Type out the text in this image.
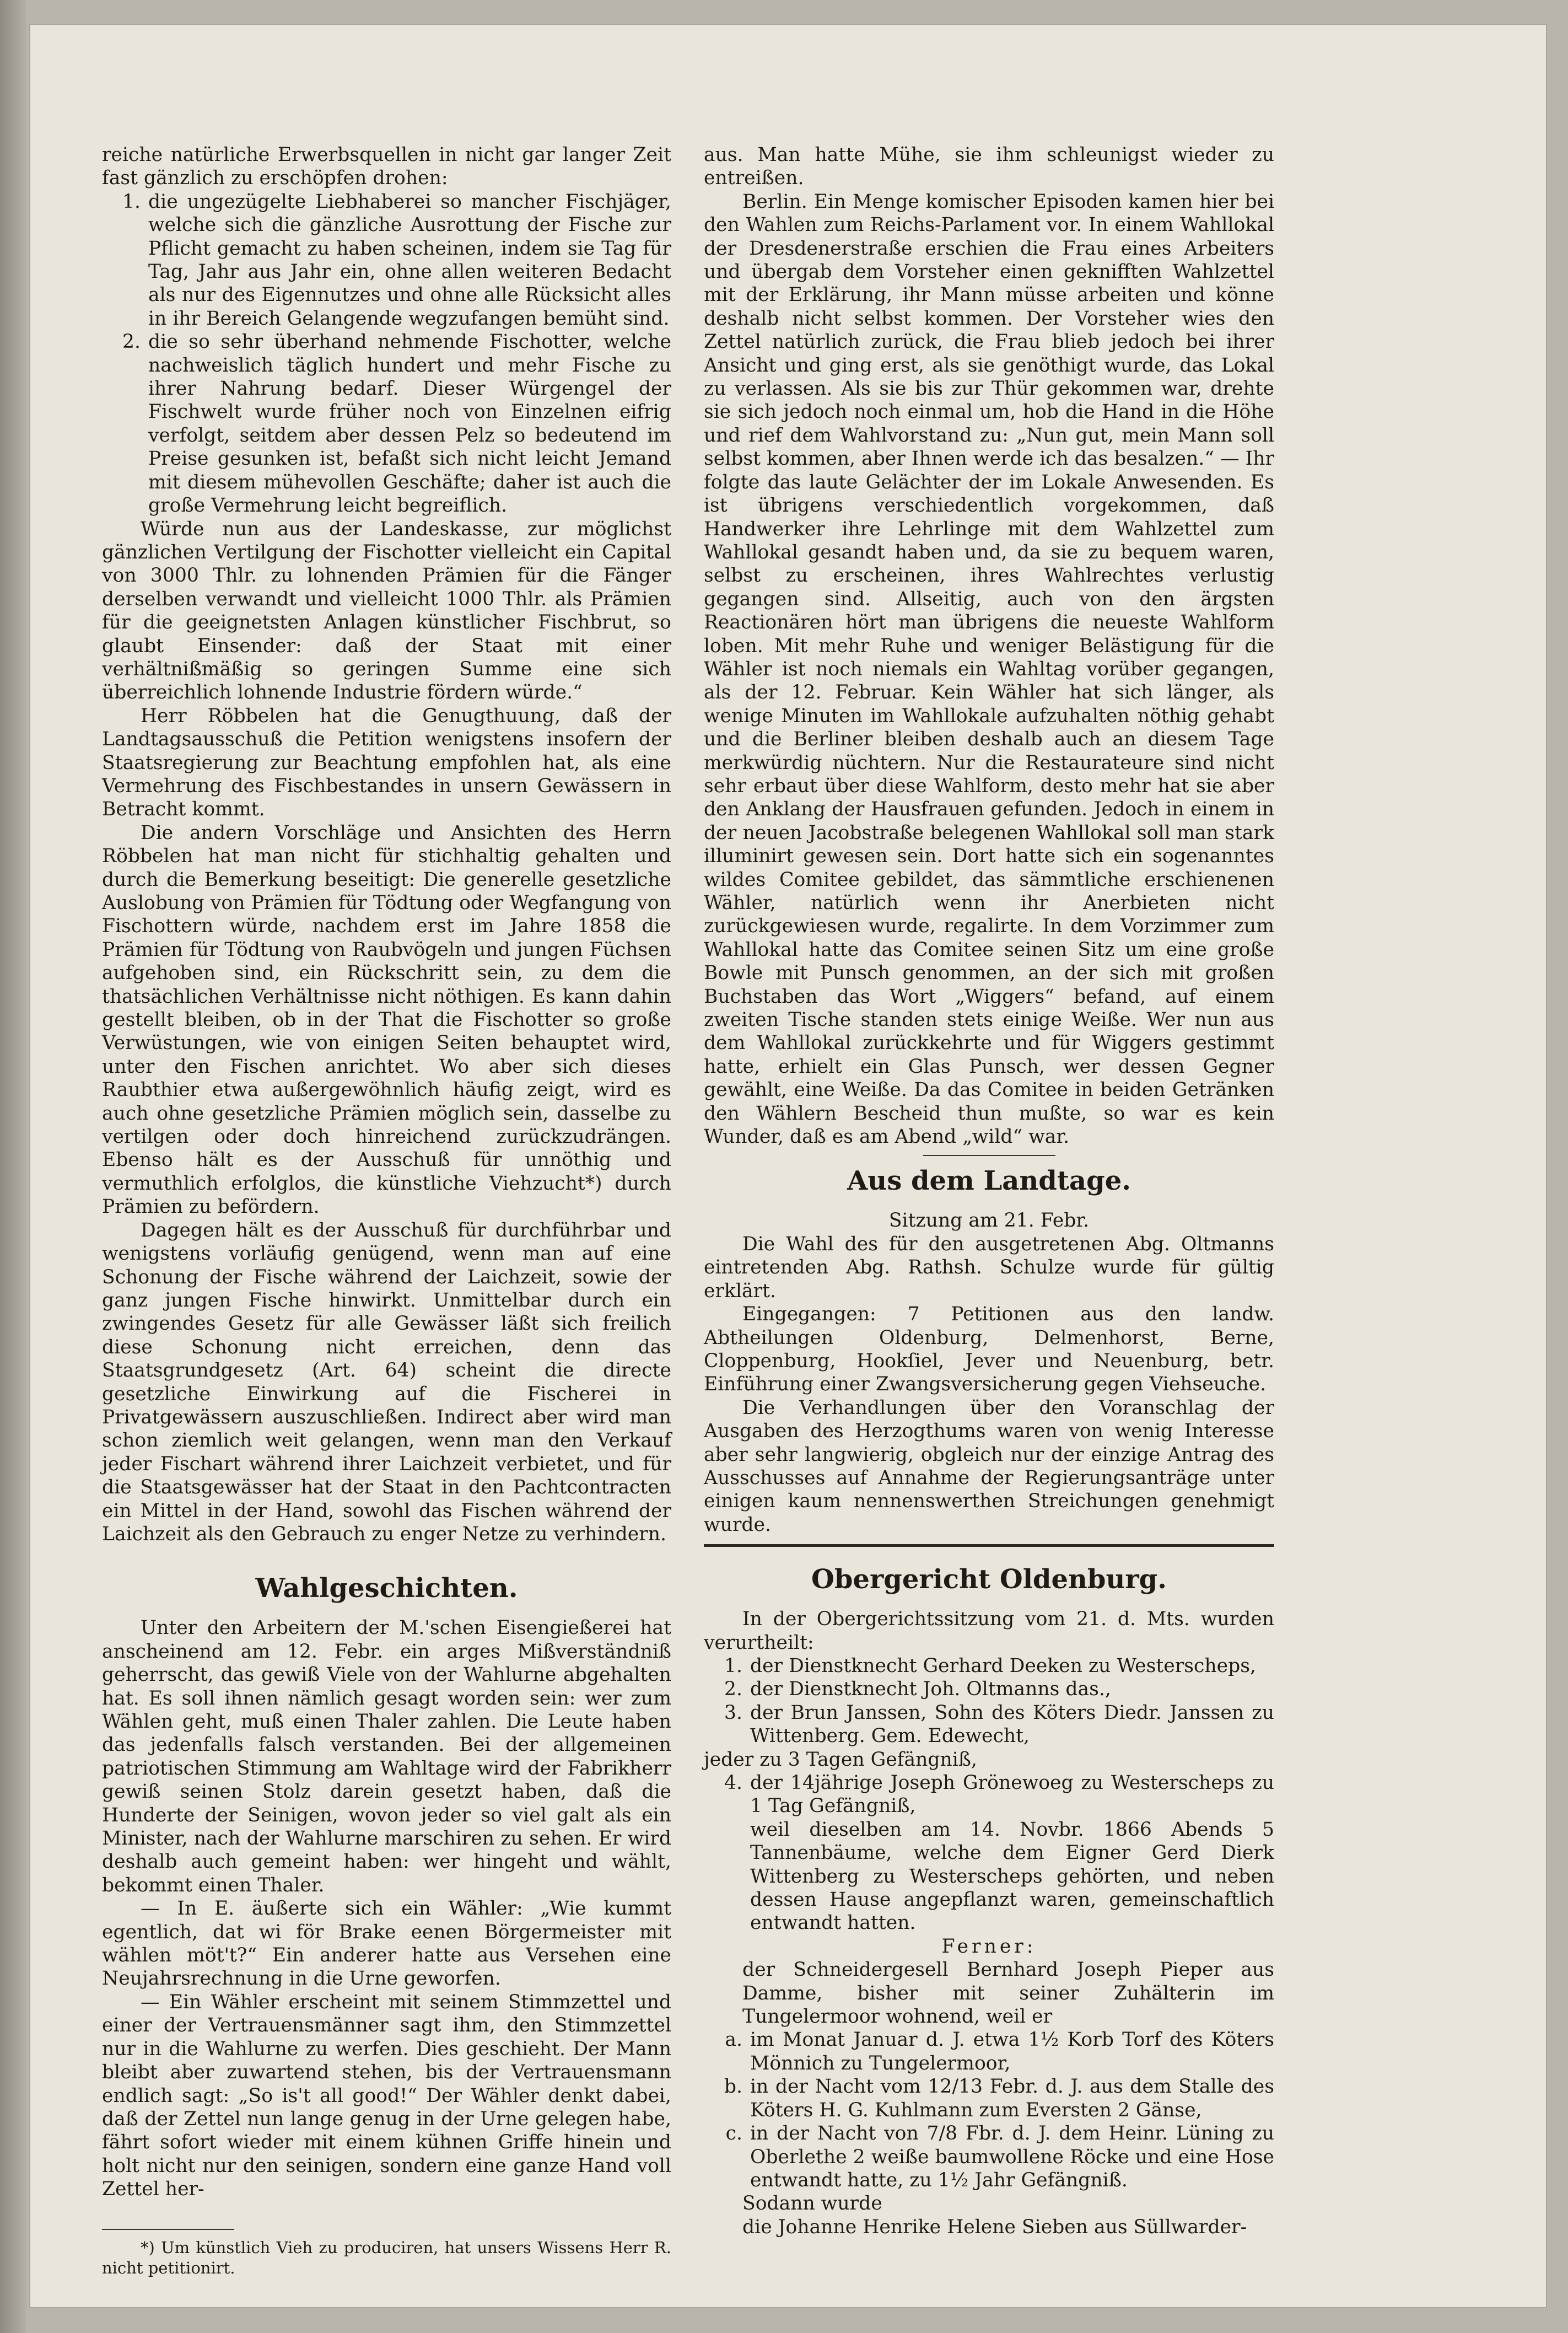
reiche natürliche Erwerbsquellen in nicht gar langer Zeit fast gänzlich zu erschöpfen drohen:

1. die ungezügelte Liebhaberei so mancher Fischjäger, welche sich die gänzliche Ausrottung der Fische zur Pflicht gemacht zu haben scheinen, indem sie Tag für Tag, Jahr aus Jahr ein, ohne allen weiteren Bedacht als nur des Eigennutzes und ohne alle Rücksicht alles in ihr Bereich Gelangende wegzufangen bemüht sind.
2. die so sehr überhand nehmende Fischotter, welche nachweislich täglich hundert und mehr Fische zu ihrer Nahrung bedarf. Dieser Würgengel der Fischwelt wurde früher noch von Einzelnen eifrig verfolgt, seitdem aber dessen Pelz so bedeutend im Preise gesunken ist, befaßt sich nicht leicht Jemand mit diesem mühevollen Geschäfte; daher ist auch die große Vermehrung leicht begreiflich.

Würde nun aus der Landeskasse, zur möglichst gänzlichen Vertilgung der Fischotter vielleicht ein Capital von 3000 Thlr. zu lohnenden Prämien für die Fänger derselben verwandt und vielleicht 1000 Thlr. als Prämien für die geeignetsten Anlagen künstlicher Fischbrut, so glaubt Einsender: daß der Staat mit einer verhältnißmäßig so geringen Summe eine sich überreichlich lohnende Industrie fördern würde.“

Herr Röbbelen hat die Genugthuung, daß der Landtagsausschuß die Petition wenigstens insofern der Staatsregierung zur Beachtung empfohlen hat, als eine Vermehrung des Fischbestandes in unsern Gewässern in Betracht kommt.

Die andern Vorschläge und Ansichten des Herrn Röbbelen hat man nicht für stichhaltig gehalten und durch die Bemerkung beseitigt: Die generelle gesetzliche Auslobung von Prämien für Tödtung oder Wegfangung von Fischottern würde, nachdem erst im Jahre 1858 die Prämien für Tödtung von Raubvögeln und jungen Füchsen aufgehoben sind, ein Rückschritt sein, zu dem die thatsächlichen Verhältnisse nicht nöthigen. Es kann dahin gestellt bleiben, ob in der That die Fischotter so große Verwüstungen, wie von einigen Seiten behauptet wird, unter den Fischen anrichtet. Wo aber sich dieses Raubthier etwa außergewöhnlich häufig zeigt, wird es auch ohne gesetzliche Prämien möglich sein, dasselbe zu vertilgen oder doch hinreichend zurückzudrängen. Ebenso hält es der Ausschuß für unnöthig und vermuthlich erfolglos, die künstliche Viehzucht*) durch Prämien zu befördern.

Dagegen hält es der Ausschuß für durchführbar und wenigstens vorläufig genügend, wenn man auf eine Schonung der Fische während der Laichzeit, sowie der ganz jungen Fische hinwirkt. Unmittelbar durch ein zwingendes Gesetz für alle Gewässer läßt sich freilich diese Schonung nicht erreichen, denn das Staatsgrundgesetz (Art. 64) scheint die directe gesetzliche Einwirkung auf die Fischerei in Privatgewässern auszuschließen. Indirect aber wird man schon ziemlich weit gelangen, wenn man den Verkauf jeder Fischart während ihrer Laichzeit verbietet, und für die Staatsgewässer hat der Staat in den Pachtcontracten ein Mittel in der Hand, sowohl das Fischen während der Laichzeit als den Gebrauch zu enger Netze zu verhindern.

Wahlgeschichten.

Unter den Arbeitern der M.'schen Eisengießerei hat anscheinend am 12. Febr. ein arges Mißverständniß geherrscht, das gewiß Viele von der Wahlurne abgehalten hat. Es soll ihnen nämlich gesagt worden sein: wer zum Wählen geht, muß einen Thaler zahlen. Die Leute haben das jedenfalls falsch verstanden. Bei der allgemeinen patriotischen Stimmung am Wahltage wird der Fabrikherr gewiß seinen Stolz darein gesetzt haben, daß die Hunderte der Seinigen, wovon jeder so viel galt als ein Minister, nach der Wahlurne marschiren zu sehen. Er wird deshalb auch gemeint haben: wer hingeht und wählt, bekommt einen Thaler.

— In E. äußerte sich ein Wähler: „Wie kummt egentlich, dat wi för Brake eenen Börgermeister mit wählen möt't?“ Ein anderer hatte aus Versehen eine Neujahrsrechnung in die Urne geworfen.

— Ein Wähler erscheint mit seinem Stimmzettel und einer der Vertrauensmänner sagt ihm, den Stimmzettel nur in die Wahlurne zu werfen. Dies geschieht. Der Mann bleibt aber zuwartend stehen, bis der Vertrauensmann endlich sagt: „So is't all good!“ Der Wähler denkt dabei, daß der Zettel nun lange genug in der Urne gelegen habe, fährt sofort wieder mit einem kühnen Griffe hinein und holt nicht nur den seinigen, sondern eine ganze Hand voll Zettel her-

*) Um künstlich Vieh zu produciren, hat unsers Wissens Herr R. nicht petitionirt.

aus. Man hatte Mühe, sie ihm schleunigst wieder zu entreißen.

Berlin. Ein Menge komischer Episoden kamen hier bei den Wahlen zum Reichs-Parlament vor. In einem Wahllokal der Dresdenerstraße erschien die Frau eines Arbeiters und übergab dem Vorsteher einen geknifften Wahlzettel mit der Erklärung, ihr Mann müsse arbeiten und könne deshalb nicht selbst kommen. Der Vorsteher wies den Zettel natürlich zurück, die Frau blieb jedoch bei ihrer Ansicht und ging erst, als sie genöthigt wurde, das Lokal zu verlassen. Als sie bis zur Thür gekommen war, drehte sie sich jedoch noch einmal um, hob die Hand in die Höhe und rief dem Wahlvorstand zu: „Nun gut, mein Mann soll selbst kommen, aber Ihnen werde ich das besalzen.“ — Ihr folgte das laute Gelächter der im Lokale Anwesenden. Es ist übrigens verschiedentlich vorgekommen, daß Handwerker ihre Lehrlinge mit dem Wahlzettel zum Wahllokal gesandt haben und, da sie zu bequem waren, selbst zu erscheinen, ihres Wahlrechtes verlustig gegangen sind. Allseitig, auch von den ärgsten Reactionären hört man übrigens die neueste Wahlform loben. Mit mehr Ruhe und weniger Belästigung für die Wähler ist noch niemals ein Wahltag vorüber gegangen, als der 12. Februar. Kein Wähler hat sich länger, als wenige Minuten im Wahllokale aufzuhalten nöthig gehabt und die Berliner bleiben deshalb auch an diesem Tage merkwürdig nüchtern. Nur die Restaurateure sind nicht sehr erbaut über diese Wahlform, desto mehr hat sie aber den Anklang der Hausfrauen gefunden. Jedoch in einem in der neuen Jacobstraße belegenen Wahllokal soll man stark illuminirt gewesen sein. Dort hatte sich ein sogenanntes wildes Comitee gebildet, das sämmtliche erschienenen Wähler, natürlich wenn ihr Anerbieten nicht zurückgewiesen wurde, regalirte. In dem Vorzimmer zum Wahllokal hatte das Comitee seinen Sitz um eine große Bowle mit Punsch genommen, an der sich mit großen Buchstaben das Wort „Wiggers“ befand, auf einem zweiten Tische standen stets einige Weiße. Wer nun aus dem Wahllokal zurückkehrte und für Wiggers gestimmt hatte, erhielt ein Glas Punsch, wer dessen Gegner gewählt, eine Weiße. Da das Comitee in beiden Getränken den Wählern Bescheid thun mußte, so war es kein Wunder, daß es am Abend „wild“ war.

Aus dem Landtage.
Sitzung am 21. Febr.

Die Wahl des für den ausgetretenen Abg. Oltmanns eintretenden Abg. Rathsh. Schulze wurde für gültig erklärt.

Eingegangen: 7 Petitionen aus den landw. Abtheilungen Oldenburg, Delmenhorst, Berne, Cloppenburg, Hookſiel, Jever und Neuenburg, betr. Einführung einer Zwangsversicherung gegen Viehseuche.

Die Verhandlungen über den Voranschlag der Ausgaben des Herzogthums waren von wenig Interesse aber sehr langwierig, obgleich nur der einzige Antrag des Ausschusses auf Annahme der Regierungsanträge unter einigen kaum nennenswerthen Streichungen genehmigt wurde.

Obergericht Oldenburg.

In der Obergerichtssitzung vom 21. d. Mts. wurden verurtheilt:

1. der Dienstknecht Gerhard Deeken zu Westerscheps,
2. der Dienstknecht Joh. Oltmanns das.,
3. der Brun Janssen, Sohn des Köters Diedr. Janssen zu Wittenberg. Gem. Edewecht,

jeder zu 3 Tagen Gefängniß,

4. der 14jährige Joseph Grönewoeg zu Westerscheps zu 1 Tag Gefängniß,

weil dieselben am 14. Novbr. 1866 Abends 5 Tannenbäume, welche dem Eigner Gerd Dierk Wittenberg zu Westerscheps gehörten, und neben dessen Hause angepflanzt waren, gemeinschaftlich entwandt hatten.

Ferner:

der Schneidergesell Bernhard Joseph Pieper aus Damme, bisher mit seiner Zuhälterin im Tungelermoor wohnend, weil er

a. im Monat Januar d. J. etwa 1½ Korb Torf des Köters Mönnich zu Tungelermoor,
b. in der Nacht vom 12/13 Febr. d. J. aus dem Stalle des Köters H. G. Kuhlmann zum Eversten 2 Gänse,
c. in der Nacht von 7/8 Fbr. d. J. dem Heinr. Lüning zu Oberlethe 2 weiße baumwollene Röcke und eine Hose entwandt hatte, zu 1½ Jahr Gefängniß.

Sodann wurde

die Johanne Henrike Helene Sieben aus Süllwarder-
